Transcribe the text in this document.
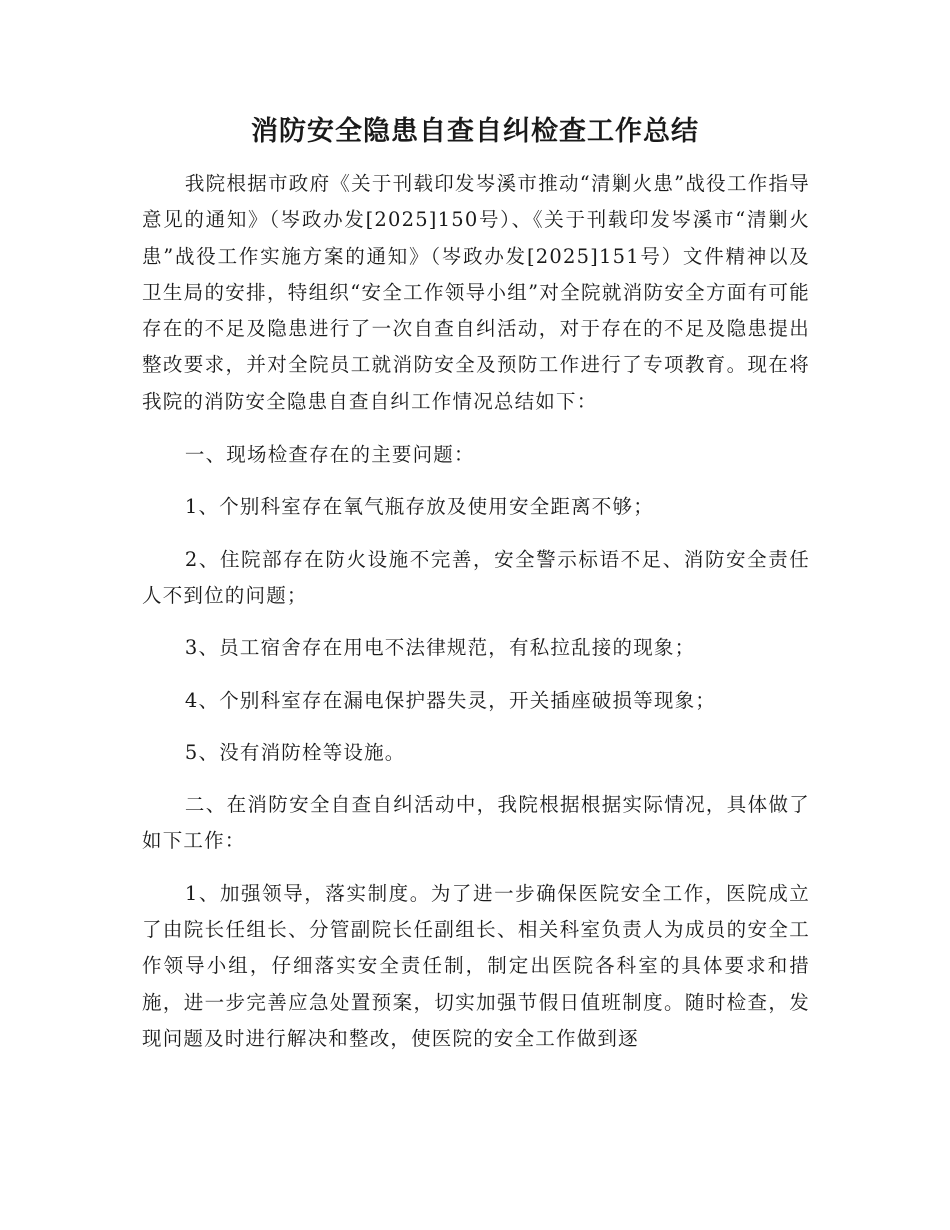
消防安全隐患自查自纠检查工作总结

我院根据市政府《关于刊载印发岑溪市推动“清剿火患”战役工作指导意见的通知》（岑政办发[2025]150号）、《关于刊载印发岑溪市“清剿火患”战役工作实施方案的通知》（岑政办发[2025]151号）文件精神以及卫生局的安排，特组织“安全工作领导小组”对全院就消防安全方面有可能存在的不足及隐患进行了一次自查自纠活动，对于存在的不足及隐患提出整改要求，并对全院员工就消防安全及预防工作进行了专项教育。现在将我院的消防安全隐患自查自纠工作情况总结如下：

一、现场检查存在的主要问题：

1、个别科室存在氧气瓶存放及使用安全距离不够；

2、住院部存在防火设施不完善，安全警示标语不足、消防安全责任人不到位的问题；

3、员工宿舍存在用电不法律规范，有私拉乱接的现象；

4、个别科室存在漏电保护器失灵，开关插座破损等现象；

5、没有消防栓等设施。

二、在消防安全自查自纠活动中，我院根据根据实际情况，具体做了如下工作：

1、加强领导，落实制度。为了进一步确保医院安全工作，医院成立了由院长任组长、分管副院长任副组长、相关科室负责人为成员的安全工作领导小组，仔细落实安全责任制，制定出医院各科室的具体要求和措施，进一步完善应急处置预案，切实加强节假日值班制度。随时检查，发现问题及时进行解决和整改，使医院的安全工作做到逐
